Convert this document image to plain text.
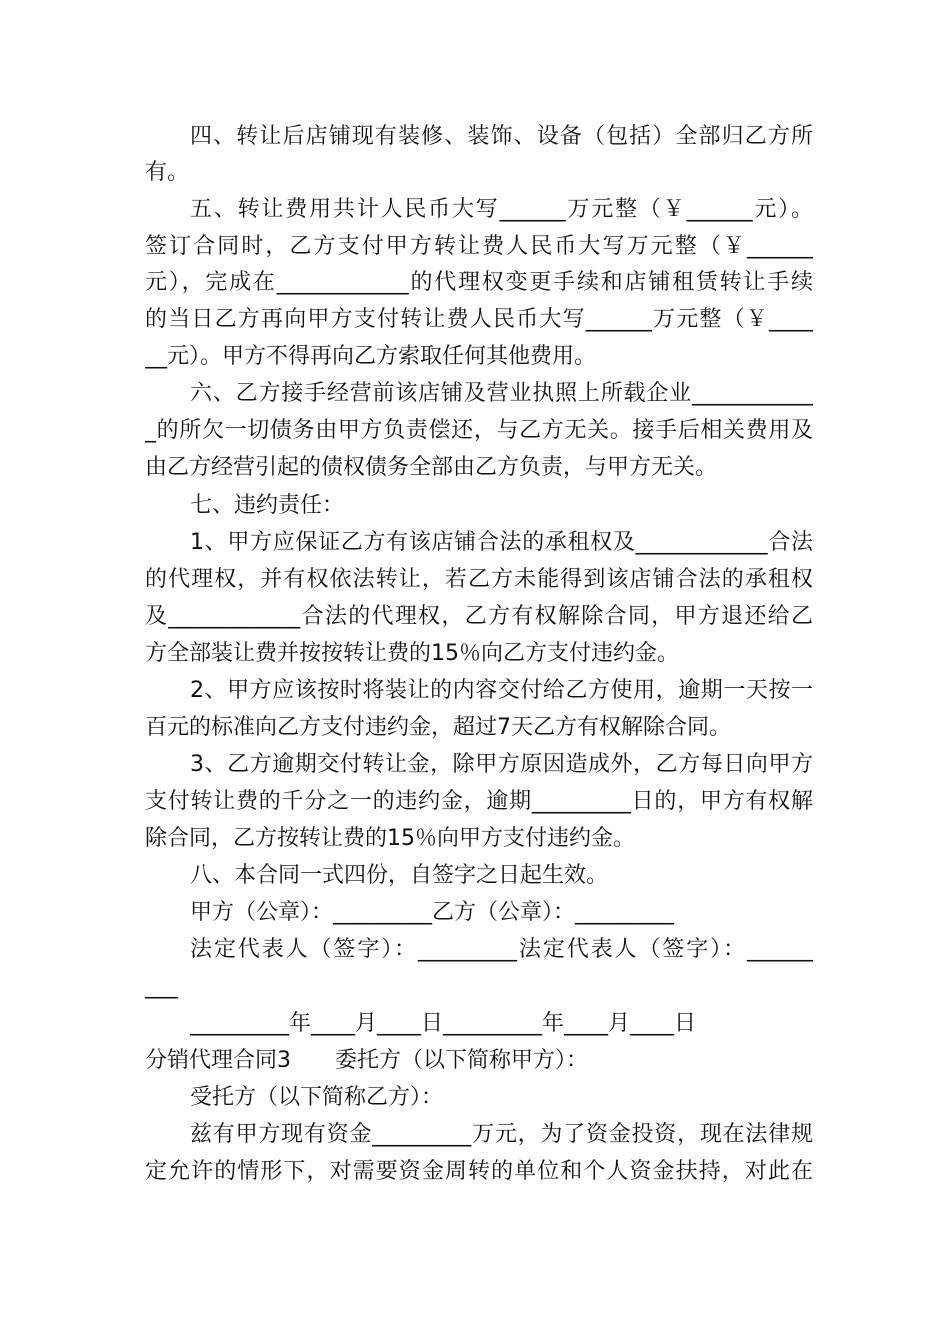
四、转让后店铺现有装修、装饰、设备（包括）全部归乙方所
有。
五、转让费用共计人民币大写______万元整（￥______元）。
签订合同时，乙方支付甲方转让费人民币大写万元整（￥______
元），完成在____________的代理权变更手续和店铺租赁转让手续
的当日乙方再向甲方支付转让费人民币大写______万元整（￥____
__元）。甲方不得再向乙方索取任何其他费用。
六、乙方接手经营前该店铺及营业执照上所载企业___________
_的所欠一切债务由甲方负责偿还，与乙方无关。接手后相关费用及
由乙方经营引起的债权债务全部由乙方负责，与甲方无关。
七、违约责任：
1、甲方应保证乙方有该店铺合法的承租权及____________合法
的代理权，并有权依法转让，若乙方未能得到该店铺合法的承租权
及____________合法的代理权，乙方有权解除合同，甲方退还给乙
方全部装让费并按按转让费的15％向乙方支付违约金。
2、甲方应该按时将装让的内容交付给乙方使用，逾期一天按一
百元的标准向乙方支付违约金，超过7天乙方有权解除合同。
3、乙方逾期交付转让金，除甲方原因造成外，乙方每日向甲方
支付转让费的千分之一的违约金，逾期_________日的，甲方有权解
除合同，乙方按转让费的15％向甲方支付违约金。
八、本合同一式四份，自签字之日起生效。
甲方（公章）：_________乙方（公章）：_________
法定代表人（签字）：_________法定代表人（签字）：______
___
_________年____月____日_________年____月____日
分销代理合同3　　委托方（以下简称甲方）：
受托方（以下简称乙方）：
兹有甲方现有资金_________万元，为了资金投资，现在法律规
定允许的情形下，对需要资金周转的单位和个人资金扶持，对此在
